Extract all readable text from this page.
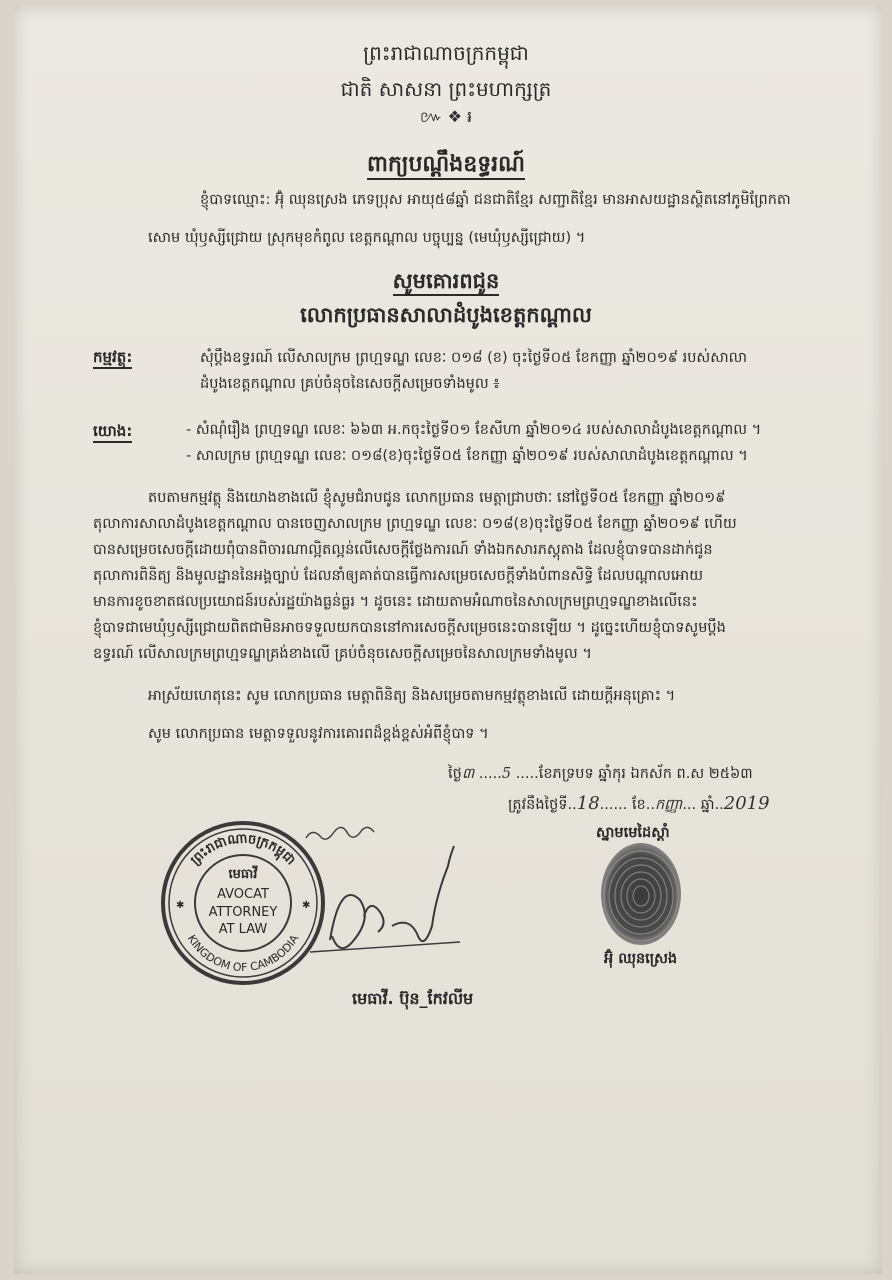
ព្រះរាជាណាចក្រកម្ពុជា
ជាតិ សាសនា ព្រះមហាក្សត្រ
៚ ❖ ៛
ពាក្យបណ្ដឹងឧទ្ធរណ៍
ខ្ញុំបាទឈ្មោះ: អ៊ុំ ឈុនស្រេង ភេទប្រុស អាយុ៥៨ឆ្នាំ ជនជាតិខ្មែរ សញ្ជាតិខ្មែរ មានអាសយដ្ឋានស្ថិតនៅភូមិព្រែកតា
សោម ឃុំឫស្សីជ្រោយ ស្រុកមុខកំពូល ខេត្តកណ្ដាល បច្ចុប្បន្ន (មេឃុំឫស្សីជ្រោយ) ។
សូមគោរពជូន
លោកប្រធានសាលាដំបូងខេត្តកណ្ដាល
កម្មវត្ថុ:	សុំប្ដឹងឧទ្ធរណ៍ លើសាលក្រម ព្រហ្មទណ្ឌ លេខៈ ០១៨ (ខ) ចុះថ្ងៃទី០៥ ខែកញ្ញា ឆ្នាំ២០១៩ របស់សាលា
ដំបូងខេត្តកណ្ដាល គ្រប់ចំនុចនៃសេចក្ដីសម្រេចទាំងមូល ៖
យោង:	- សំណុំរឿង ព្រហ្មទណ្ឌ លេខៈ ៦៦៣ អ.កចុះថ្ងៃទី០១ ខែសីហា ឆ្នាំ២០១៤ របស់សាលាដំបូងខេត្តកណ្ដាល ។
- សាលក្រម ព្រហ្មទណ្ឌ លេខៈ ០១៨(ខ)ចុះថ្ងៃទី០៥ ខែកញ្ញា ឆ្នាំ២០១៩ របស់សាលាដំបូងខេត្តកណ្ដាល ។
តបតាមកម្មវត្ថុ និងយោងខាងលើ ខ្ញុំសូមជំរាបជូន លោកប្រធាន មេត្តាជ្រាបថាៈ នៅថ្ងៃទី០៥ ខែកញ្ញា ឆ្នាំ២០១៩
តុលាការសាលាដំបូងខេត្តកណ្ដាល បានចេញសាលក្រម ព្រហ្មទណ្ឌ លេខៈ ០១៨(ខ)ចុះថ្ងៃទី០៥ ខែកញ្ញា ឆ្នាំ២០១៩ ហើយ
បានសម្រេចសេចក្ដីដោយពុំបានពិចារណាល្អិតល្អន់លើសេចក្ដីថ្លែងការណ៍ ទាំងឯកសារភស្ដុតាង ដែលខ្ញុំបាទបានដាក់ជូន
តុលាការពិនិត្យ និងមូលដ្ឋាននៃអង្គច្បាប់ ដែលនាំឲ្យគាត់បានធ្វើការសម្រេចសេចក្ដីទាំងបំពានសិទ្ធិ ដែលបណ្ដាលអោយ
មានការខូចខាតផលប្រយោជន៍របស់រដ្ឋយ៉ាងធ្ងន់ធ្ងរ ។ ដូចនេះ ដោយតាមអំណាចនៃសាលក្រមព្រហ្មទណ្ឌខាងលើនេះ
ខ្ញុំបាទជាមេឃុំឫស្សីជ្រោយពិតជាមិនអាចទទួលយកបាននៅការសេចក្ដីសម្រេចនេះបានឡើយ ។ ដូច្នេះហើយខ្ញុំបាទសូមប្ដឹង
ឧទ្ធរណ៍ លើសាលក្រមព្រហ្មទណ្ឌគ្រង់ខាងលើ គ្រប់ចំនុចសេចក្ដីសម្រេចនៃសាលក្រមទាំងមូល ។
អាស្រ័យហេតុនេះ សូម លោកប្រធាន មេត្តាពិនិត្យ និងសម្រេចតាមកម្មវត្ថុខាងលើ ដោយក្ដីអនុគ្រោះ ។
សូម លោកប្រធាន មេត្តាទទួលនូវការគោរពដ៏ខ្ពង់ខ្ពស់អំពីខ្ញុំបាទ ។
ថ្ងៃ៣ .....5 .....ខែភទ្របទ ឆ្នាំកុរ ឯកស័ក ព.ស ២៥៦៣
ត្រូវនឹងថ្ងៃទី..18...... ខែ..កញ្ញា... ឆ្នាំ..2019
ស្នាមមេដៃស្ដាំ
អ៊ុំ ឈុនស្រេង
ព្រះរាជាណាចក្រកម្ពុជា
KINGDOM OF CAMBODIA
មេធាវី
AVOCAT
ATTORNEY
AT LAW
✱	✱
មេធាវី. ប៊ុន_កែវលីម
